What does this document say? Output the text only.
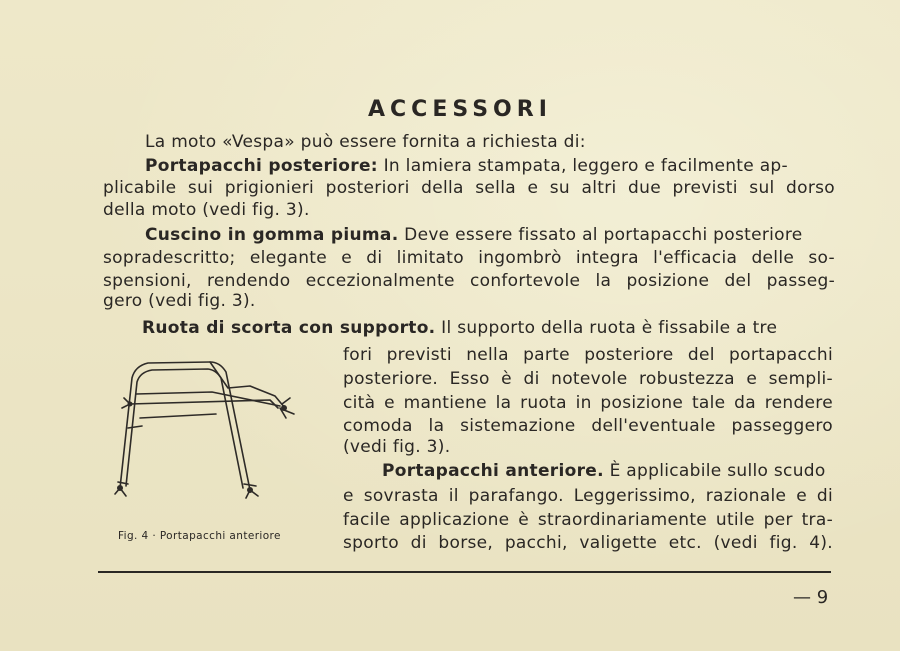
ACCESSORI
La moto «Vespa» può essere fornita a richiesta di:
Portapacchi posteriore: In lamiera stampata, leggero e facilmente ap-
plicabile sui prigionieri posteriori della sella e su altri due previsti sul dorso
della moto (vedi fig. 3).
Cuscino in gomma piuma. Deve essere fissato al portapacchi posteriore
sopradescritto; elegante e di limitato ingombrò integra l'efficacia delle so-
spensioni, rendendo eccezionalmente confortevole la posizione del passeg-
gero (vedi fig. 3).
Ruota di scorta con supporto. Il supporto della ruota è fissabile a tre
fori previsti nella parte posteriore del portapacchi
posteriore. Esso è di notevole robustezza e sempli-
cità e mantiene la ruota in posizione tale da rendere
comoda la sistemazione dell'eventuale passeggero
(vedi fig. 3).
Portapacchi anteriore. È applicabile sullo scudo
e sovrasta il parafango. Leggerissimo, razionale e di
facile applicazione è straordinariamente utile per tra-
sporto di borse, pacchi, valigette etc. (vedi fig. 4).
Fig. 4 · Portapacchi anteriore
— 9
